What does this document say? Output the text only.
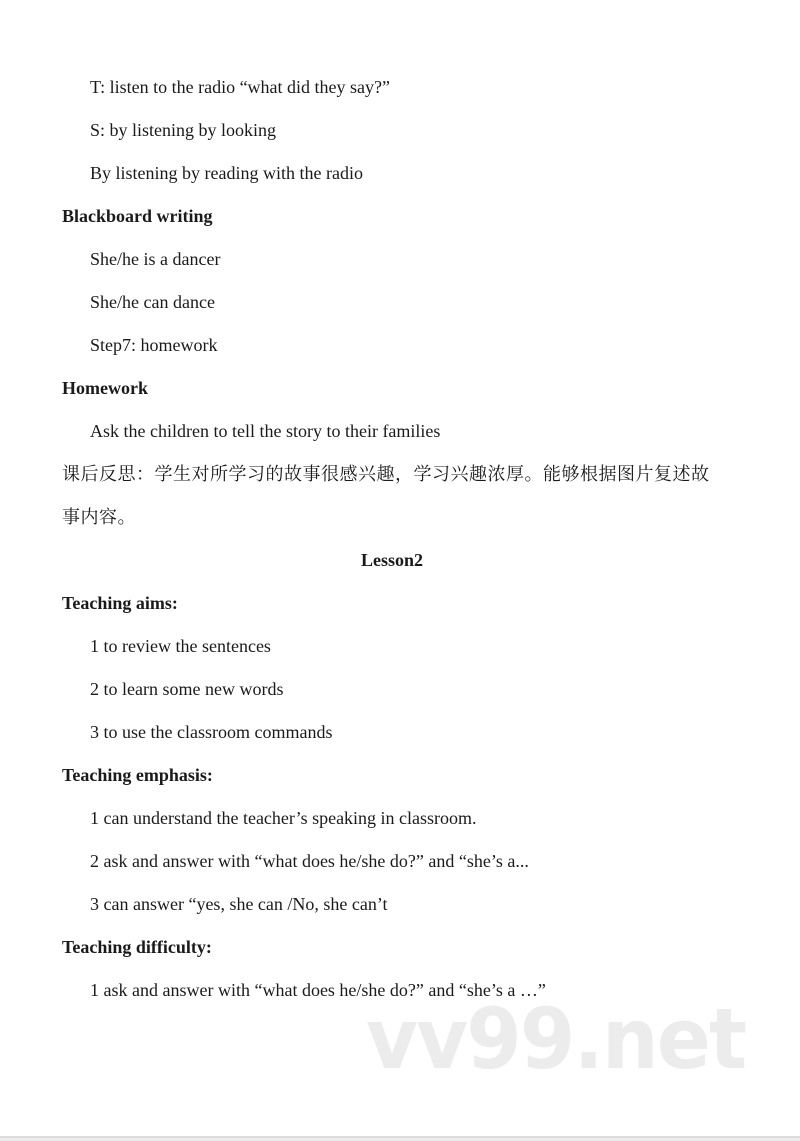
T: listen to the radio “what did they say?”
S: by listening by looking
By listening by reading with the radio
Blackboard writing
She/he is a dancer
She/he can dance
Step7: homework
Homework
Ask the children to tell the story to their families
课后反思：学生对所学习的故事很感兴趣，学习兴趣浓厚。能够根据图片复述故
事内容。
Lesson2
Teaching aims:
1 to review the sentences
2 to learn some new words
3 to use the classroom commands
Teaching emphasis:
1 can understand the teacher’s speaking in classroom.
2 ask and answer with “what does he/she do?” and “she’s a...
3 can answer “yes, she can /No, she can’t
Teaching difficulty:
1 ask and answer with “what does he/she do?” and “she’s a …”
vv99.net
